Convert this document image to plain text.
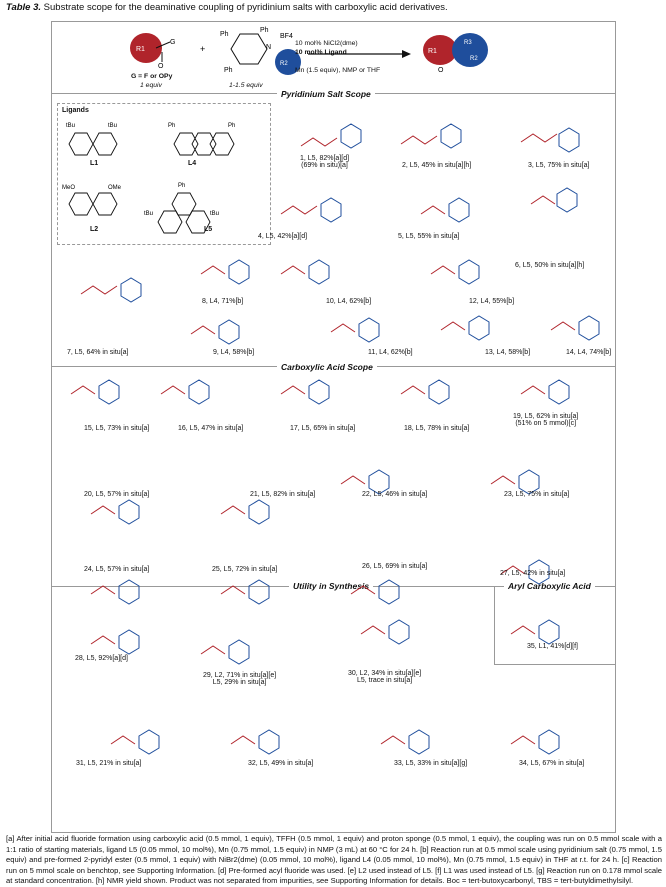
Table 3. Substrate scope for the deaminative coupling of pyridinium salts with carboxylic acid derivatives.
Pyridinium Salt Scope
Carboxylic Acid Scope
Utility in Synthesis	Aryl Carboxylic Acid
R1
G
O
+
Ph
Ph
Ph
N
R2
BF4
R1
R3
R2
O
G = F or OPy
1 equiv	1-1.5 equiv
10 mol% NiCl2(dme)
10 mol% Ligand
Mn (1.5 equiv), NMP or THF
Ligands
tBu	tBu	Ph	Ph
MeO	OMe	Ph
tBu	tBu
L1	L4
L2	L5
1, L5, 82%[a][d]
(69% in situ)[a]	2, L5, 45% in situ[a][h]	3, L5, 75% in situ[a]
4, L5, 42%[a][d]	5, L5, 55% in situ[a]
6, L5, 50% in situ[a][h]
7, L5, 64% in situ[a]
8, L4, 71%[b]
9, L4, 58%[b]
10, L4, 62%[b]
11, L4, 62%[b]
12, L4, 55%[b]
13, L4, 58%[b]	14, L4, 74%[b]
15, L5, 73% in situ[a]	16, L5, 47% in situ[a]	17, L5, 65% in situ[a]	18, L5, 78% in situ[a]
19, L5, 62% in situ[a]
(51% on 5 mmol)[c]
20, L5, 57% in situ[a]	21, L5, 82% in situ[a]	22, L5, 46% in situ[a]	23, L5, 75% in situ[a]
24, L5, 57% in situ[a]	25, L5, 72% in situ[a]	26, L5, 69% in situ[a]
27, L5, 42% in situ[a]
28, L5, 92%[a][d]
29, L2, 71% in situ[a][e]
L5, 29% in situ[a]
30, L2, 34% in situ[a][e]
L5, trace in situ[a]
35, L1, 41%[d][f]
31, L5, 21% in situ[a]	32, L5, 49% in situ[a]	33, L5, 33% in situ[a][g]	34, L5, 67% in situ[a]
[a] After initial acid fluoride formation using carboxylic acid (0.5 mmol, 1 equiv), TFFH (0.5 mmol, 1 equiv) and proton sponge (0.5 mmol, 1 equiv), the coupling was run on 0.5 mmol scale with a 1:1 ratio of starting materials, ligand L5 (0.05 mmol, 10 mol%), Mn (0.75 mmol, 1.5 equiv) in NMP (3 mL) at 60 °C for 24 h. [b] Reaction run at 0.5 mmol scale using pyridinium salt (0.75 mmol, 1.5 equiv) and pre-formed 2-pyridyl ester (0.5 mmol, 1 equiv) with NiBr2(dme) (0.05 mmol, 10 mol%), ligand L4 (0.05 mmol, 10 mol%), Mn (0.75 mmol, 1.5 equiv) in THF at r.t. for 24 h. [c] Reaction run on 5 mmol scale on benchtop, see Supporting Information. [d] Pre-formed acyl fluoride was used. [e] L2 used instead of L5. [f] L1 was used instead of L5. [g] Reaction run on 0.178 mmol scale at standard concentration. [h] NMR yield shown. Product was not separated from impurities, see Supporting Information for details. Boc = tert-butoxycarbonyl, TBS = tert-butyldimethylsilyl.
